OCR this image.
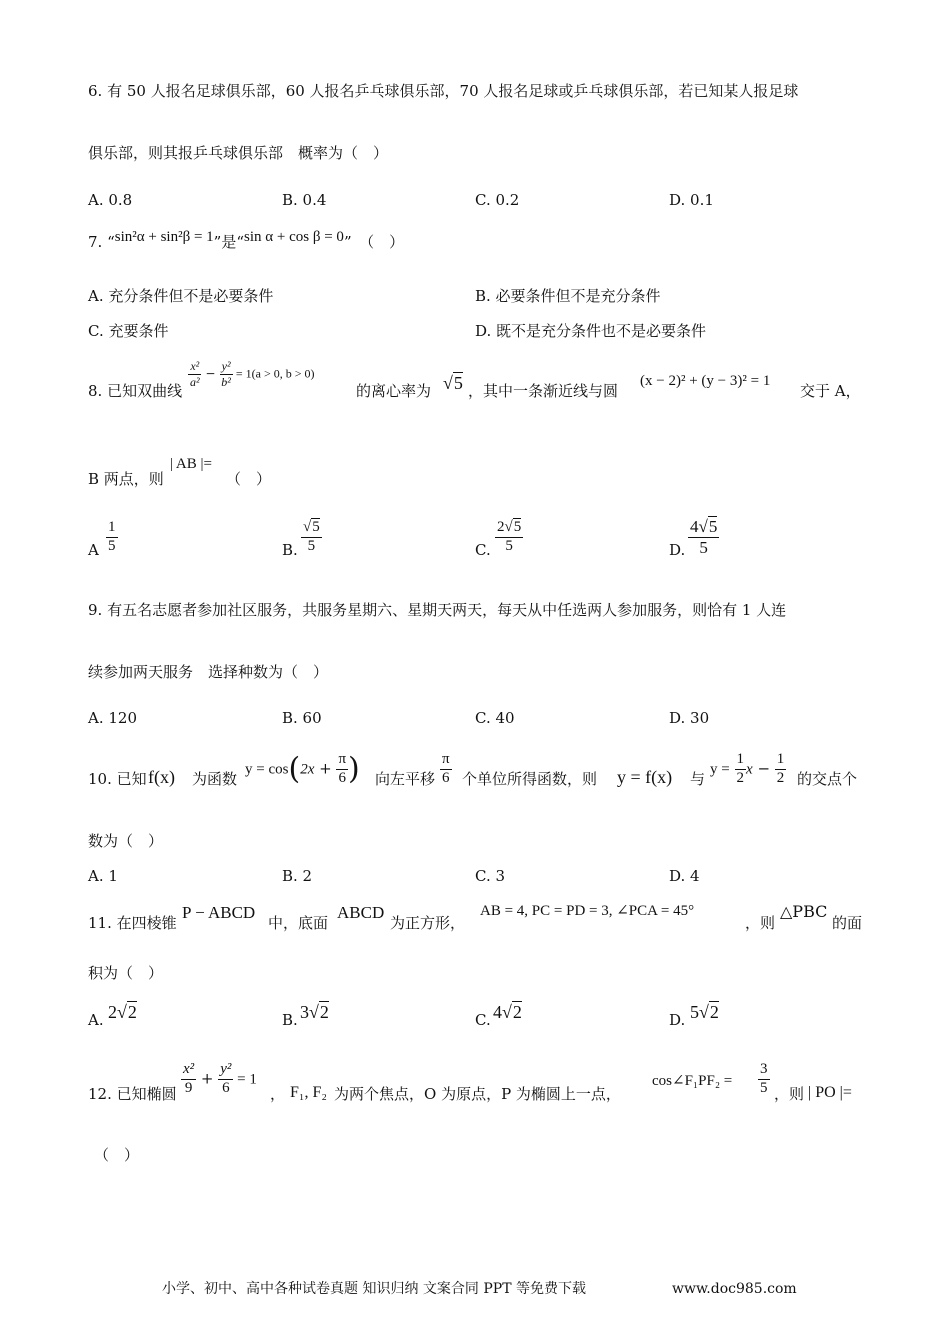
6. 有 50 人报名足球俱乐部，60 人报名乒乓球俱乐部，70 人报名足球或乒乓球俱乐部，若已知某人报足球
俱乐部，则其报乒乓球俱乐部　概率为（　）
A. 0.8	B. 0.4	C. 0.2	D. 0.1
7. “sin²α + sin²β = 1”是“sin α + cos β = 0”　（　）
A. 充分条件但不是必要条件	B. 必要条件但不是充分条件
C. 充要条件	D. 既不是充分条件也不是必要条件
8. 已知双曲线
$\frac{\text{x²}}{\text{a²}} - \frac{\text{y²}}{\text{b²}} = 1(a > 0$, b > 0)
的离心率为 √5 ，其中一条渐近线与圆
(x − 2)² + (y − 3)² = 1
交于 A，
B 两点，则
| AB |=
（　）
A $\frac{1}{5}$	B. $\frac{√5}{5}$	C. $\frac{2√5}{5}$	D. $\frac{4√5}{5}$
9. 有五名志愿者参加社区服务，共服务星期六、星期天两天，每天从中任选两人参加服务，则恰有 1 人连
续参加两天服务　选择种数为（　）
A. 120	B. 60	C. 40	D. 30
10. 已知 f(x) 为函数
$y = \cos(2x + \frac{\pi}{6}$ ) 向左平移 $\frac{\pi}{6}$ 个单位所得函数，则 y = f(x) 与
$y = \frac{1}{2}$ $x - \frac{1}{2}$ 的交点个
数为（　）
A. 1	B. 2	C. 3	D. 4
11. 在四棱锥
P − ABCD
中，底面
ABCD
为正方形，
AB = 4, PC = PD = 3, ∠PCA = 45°
，则
△PBC
的面
积为（　）
A. 2√2	B. 3√2	C. 4√2	D. 5√2
12. 已知椭圆 $\frac{\text{x²}}{9} + \frac{\text{y²}}{6} = 1$
， F₁, F₂ 为两个焦点，O 为原点，P 为椭圆上一点，
cos∠F₁PF₂ = $\frac{3}{5}$ ，则 | PO |=
（　）
小学、初中、高中各种试卷真题 知识归纳 文案合同 PPT 等免费下载	www.doc985.com
